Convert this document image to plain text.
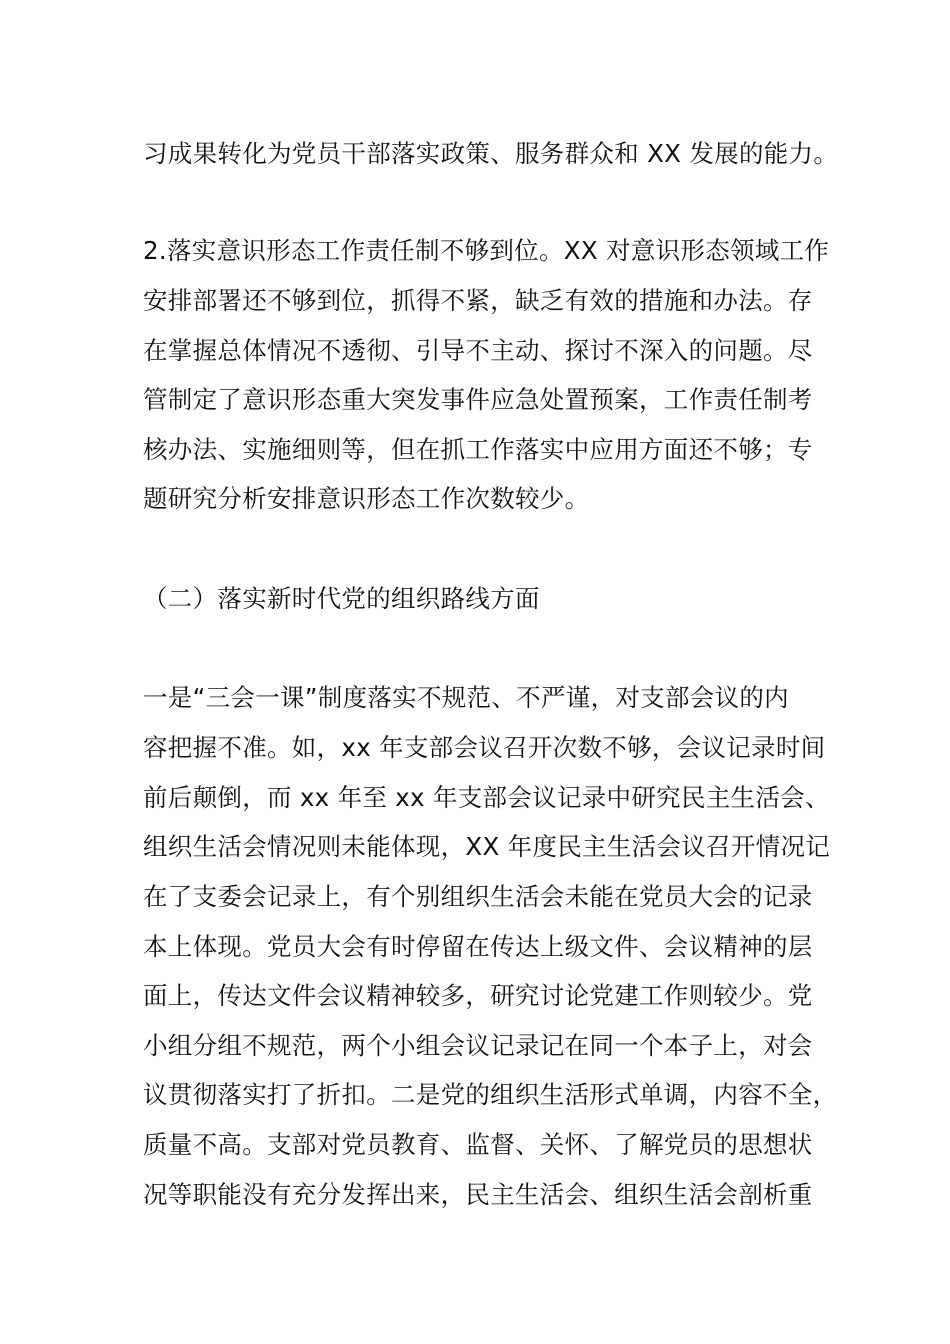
习成果转化为党员干部落实政策、服务群众和 XX 发展的能力。
2.落实意识形态工作责任制不够到位。XX 对意识形态领域工作
安排部署还不够到位，抓得不紧，缺乏有效的措施和办法。存
在掌握总体情况不透彻、引导不主动、探讨不深入的问题。尽
管制定了意识形态重大突发事件应急处置预案，工作责任制考
核办法、实施细则等，但在抓工作落实中应用方面还不够；专
题研究分析安排意识形态工作次数较少。
（二）落实新时代党的组织路线方面
一是“三会一课”制度落实不规范、不严谨，对支部会议的内
容把握不准。如，xx 年支部会议召开次数不够，会议记录时间
前后颠倒，而 xx 年至 xx 年支部会议记录中研究民主生活会、
组织生活会情况则未能体现，XX 年度民主生活会议召开情况记
在了支委会记录上，有个别组织生活会未能在党员大会的记录
本上体现。党员大会有时停留在传达上级文件、会议精神的层
面上，传达文件会议精神较多，研究讨论党建工作则较少。党
小组分组不规范，两个小组会议记录记在同一个本子上，对会
议贯彻落实打了折扣。二是党的组织生活形式单调，内容不全，
质量不高。支部对党员教育、监督、关怀、了解党员的思想状
况等职能没有充分发挥出来，民主生活会、组织生活会剖析重
